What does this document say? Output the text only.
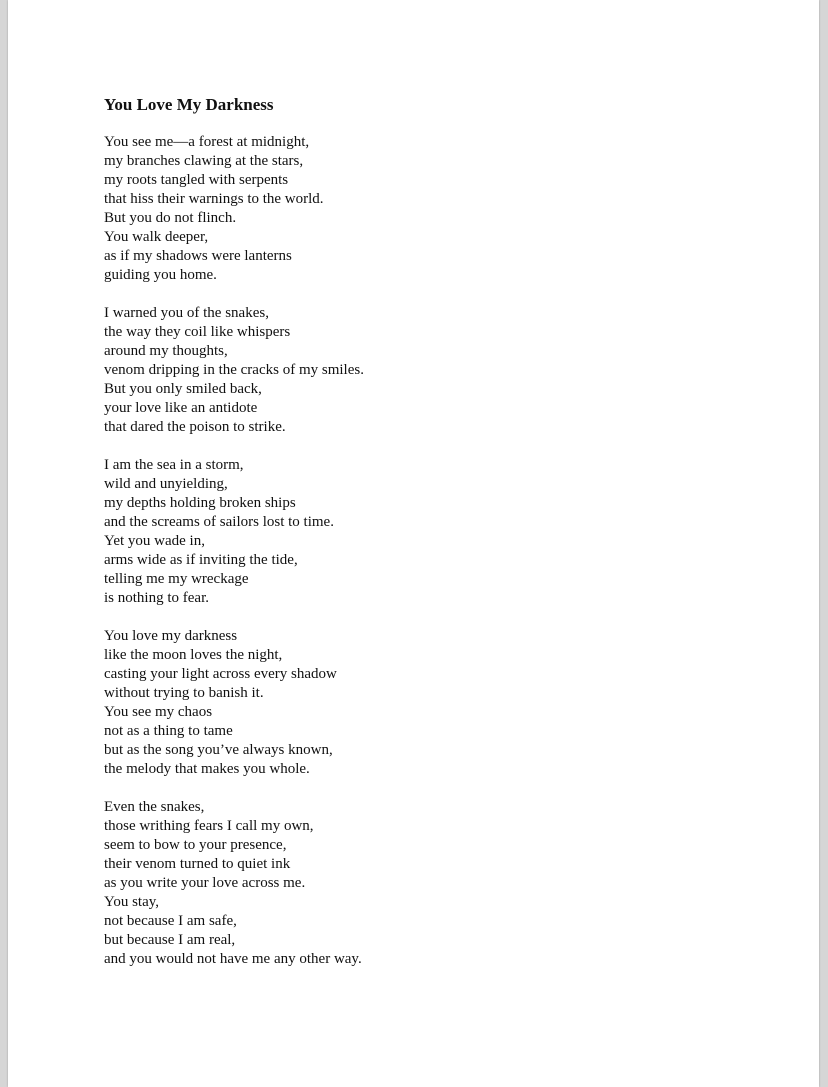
You Love My Darkness
You see me—a forest at midnight,
my branches clawing at the stars,
my roots tangled with serpents
that hiss their warnings to the world.
But you do not flinch.
You walk deeper,
as if my shadows were lanterns
guiding you home.
I warned you of the snakes,
the way they coil like whispers
around my thoughts,
venom dripping in the cracks of my smiles.
But you only smiled back,
your love like an antidote
that dared the poison to strike.
I am the sea in a storm,
wild and unyielding,
my depths holding broken ships
and the screams of sailors lost to time.
Yet you wade in,
arms wide as if inviting the tide,
telling me my wreckage
is nothing to fear.
You love my darkness
like the moon loves the night,
casting your light across every shadow
without trying to banish it.
You see my chaos
not as a thing to tame
but as the song you’ve always known,
the melody that makes you whole.
Even the snakes,
those writhing fears I call my own,
seem to bow to your presence,
their venom turned to quiet ink
as you write your love across me.
You stay,
not because I am safe,
but because I am real,
and you would not have me any other way.
